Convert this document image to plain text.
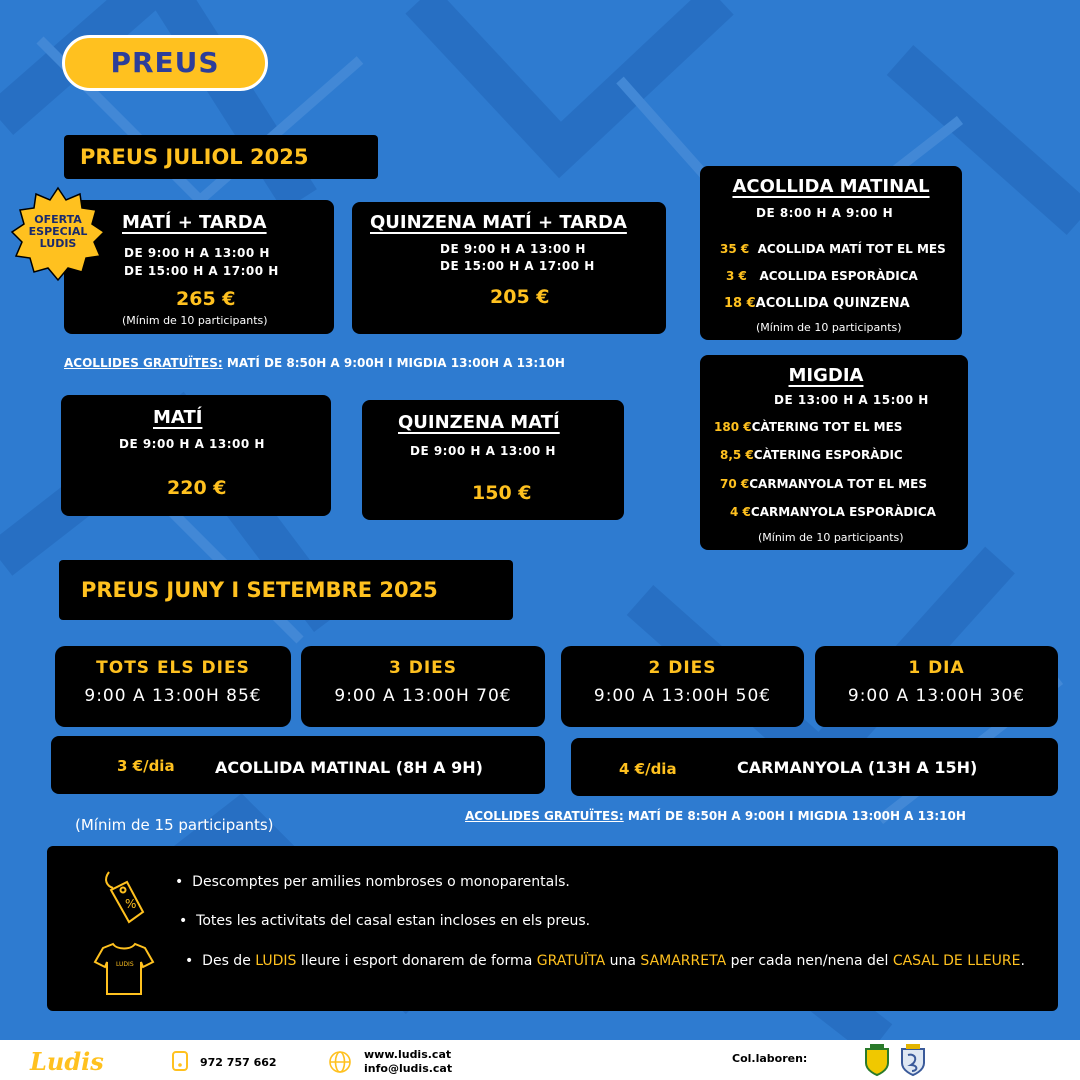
PREUS
PREUS JULIOL 2025
MATÍ + TARDA
DE 9:00 H A 13:00 H
DE 15:00 H A 17:00 H
265 €
(Mínim de 10 participants)
OFERTA
ESPECIAL
LUDIS
QUINZENA MATÍ + TARDA
DE 9:00 H A 13:00 H
DE 15:00 H A 17:00 H
205 €
ACOLLIDA MATINAL
DE 8:00 H A 9:00 H
35 € ACOLLIDA MATÍ TOT EL MES
3 € ACOLLIDA ESPORÀDICA
18 €ACOLLIDA QUINZENA
(Mínim de 10 participants)
ACOLLIDES GRATUÏTES: MATÍ DE 8:50H A 9:00H I MIGDIA 13:00H A 13:10H
MATÍ
DE 9:00 H A 13:00 H
220 €
QUINZENA MATÍ
DE 9:00 H A 13:00 H
150 €
MIGDIA
DE 13:00 H A 15:00 H
180 €CÀTERING TOT EL MES
8,5 €CÀTERING ESPORÀDIC
70 €CARMANYOLA TOT EL MES
4 €CARMANYOLA ESPORÀDICA
(Mínim de 10 participants)
PREUS JUNY I SETEMBRE 2025
TOTS ELS DIES
9:00 A 13:00H 85€
3 DIES
9:00 A 13:00H 70€
2 DIES
9:00 A 13:00H 50€
1 DIA
9:00 A 13:00H 30€
3 €/dia	ACOLLIDA MATINAL (8H A 9H)	4 €/dia	CARMANYOLA (13H A 15H)
(Mínim de 15 participants)	ACOLLIDES GRATUÏTES: MATÍ DE 8:50H A 9:00H I MIGDIA 13:00H A 13:10H
%
LUDIS
•  Descomptes per amilies nombroses o monoparentals.
•  Totes les activitats del casal estan incloses en els preus.
•  Des de LUDIS lleure i esport donarem de forma GRATUÏTA una SAMARRETA per cada nen/nena del CASAL DE LLEURE.
Ludis	972 757 662
www.ludis.cat
info@ludis.cat
Col.laboren:
